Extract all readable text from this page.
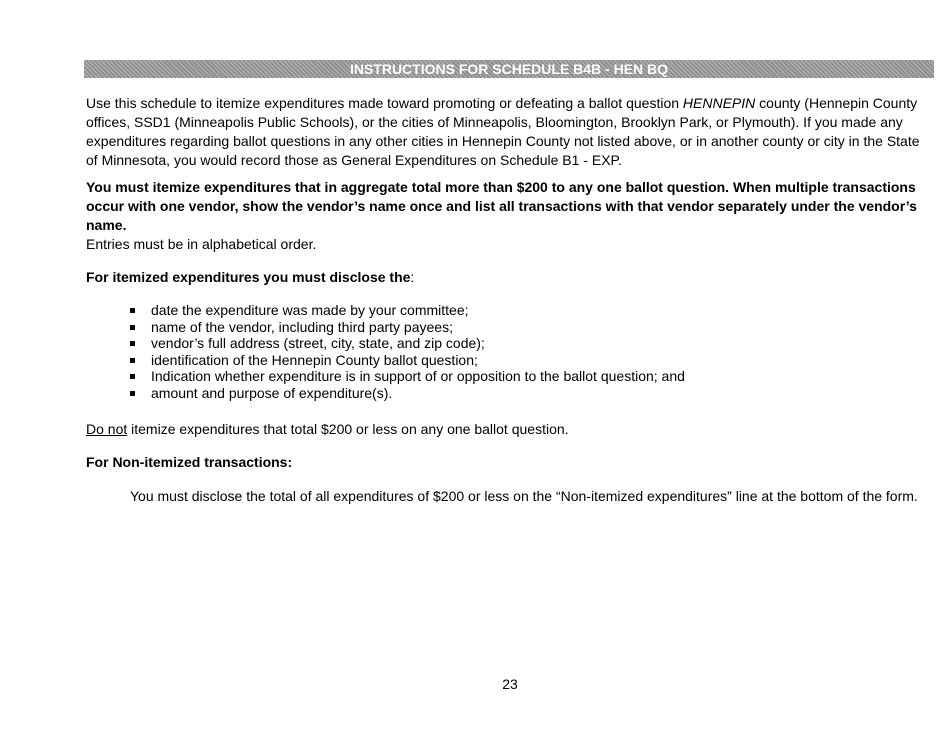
INSTRUCTIONS FOR SCHEDULE B4B - HEN BQ
Use this schedule to itemize expenditures made toward promoting or defeating a ballot question HENNEPIN county (Hennepin County offices, SSD1 (Minneapolis Public Schools), or the cities of Minneapolis, Bloomington, Brooklyn Park, or Plymouth). If you made any expenditures regarding ballot questions in any other cities in Hennepin County not listed above, or in another county or city in the State of Minnesota, you would record those as General Expenditures on Schedule B1 - EXP.
You must itemize expenditures that in aggregate total more than $200 to any one ballot question. When multiple transactions occur with one vendor, show the vendor’s name once and list all transactions with that vendor separately under the vendor’s name.
Entries must be in alphabetical order.
For itemized expenditures you must disclose the:
date the expenditure was made by your committee;
name of the vendor, including third party payees;
vendor’s full address (street, city, state, and zip code);
identification of the Hennepin County ballot question;
Indication whether expenditure is in support of or opposition to the ballot question; and
amount and purpose of expenditure(s).
Do not itemize expenditures that total $200 or less on any one ballot question.
For Non-itemized transactions:
You must disclose the total of all expenditures of $200 or less on the “Non-itemized expenditures” line at the bottom of the form.
23
